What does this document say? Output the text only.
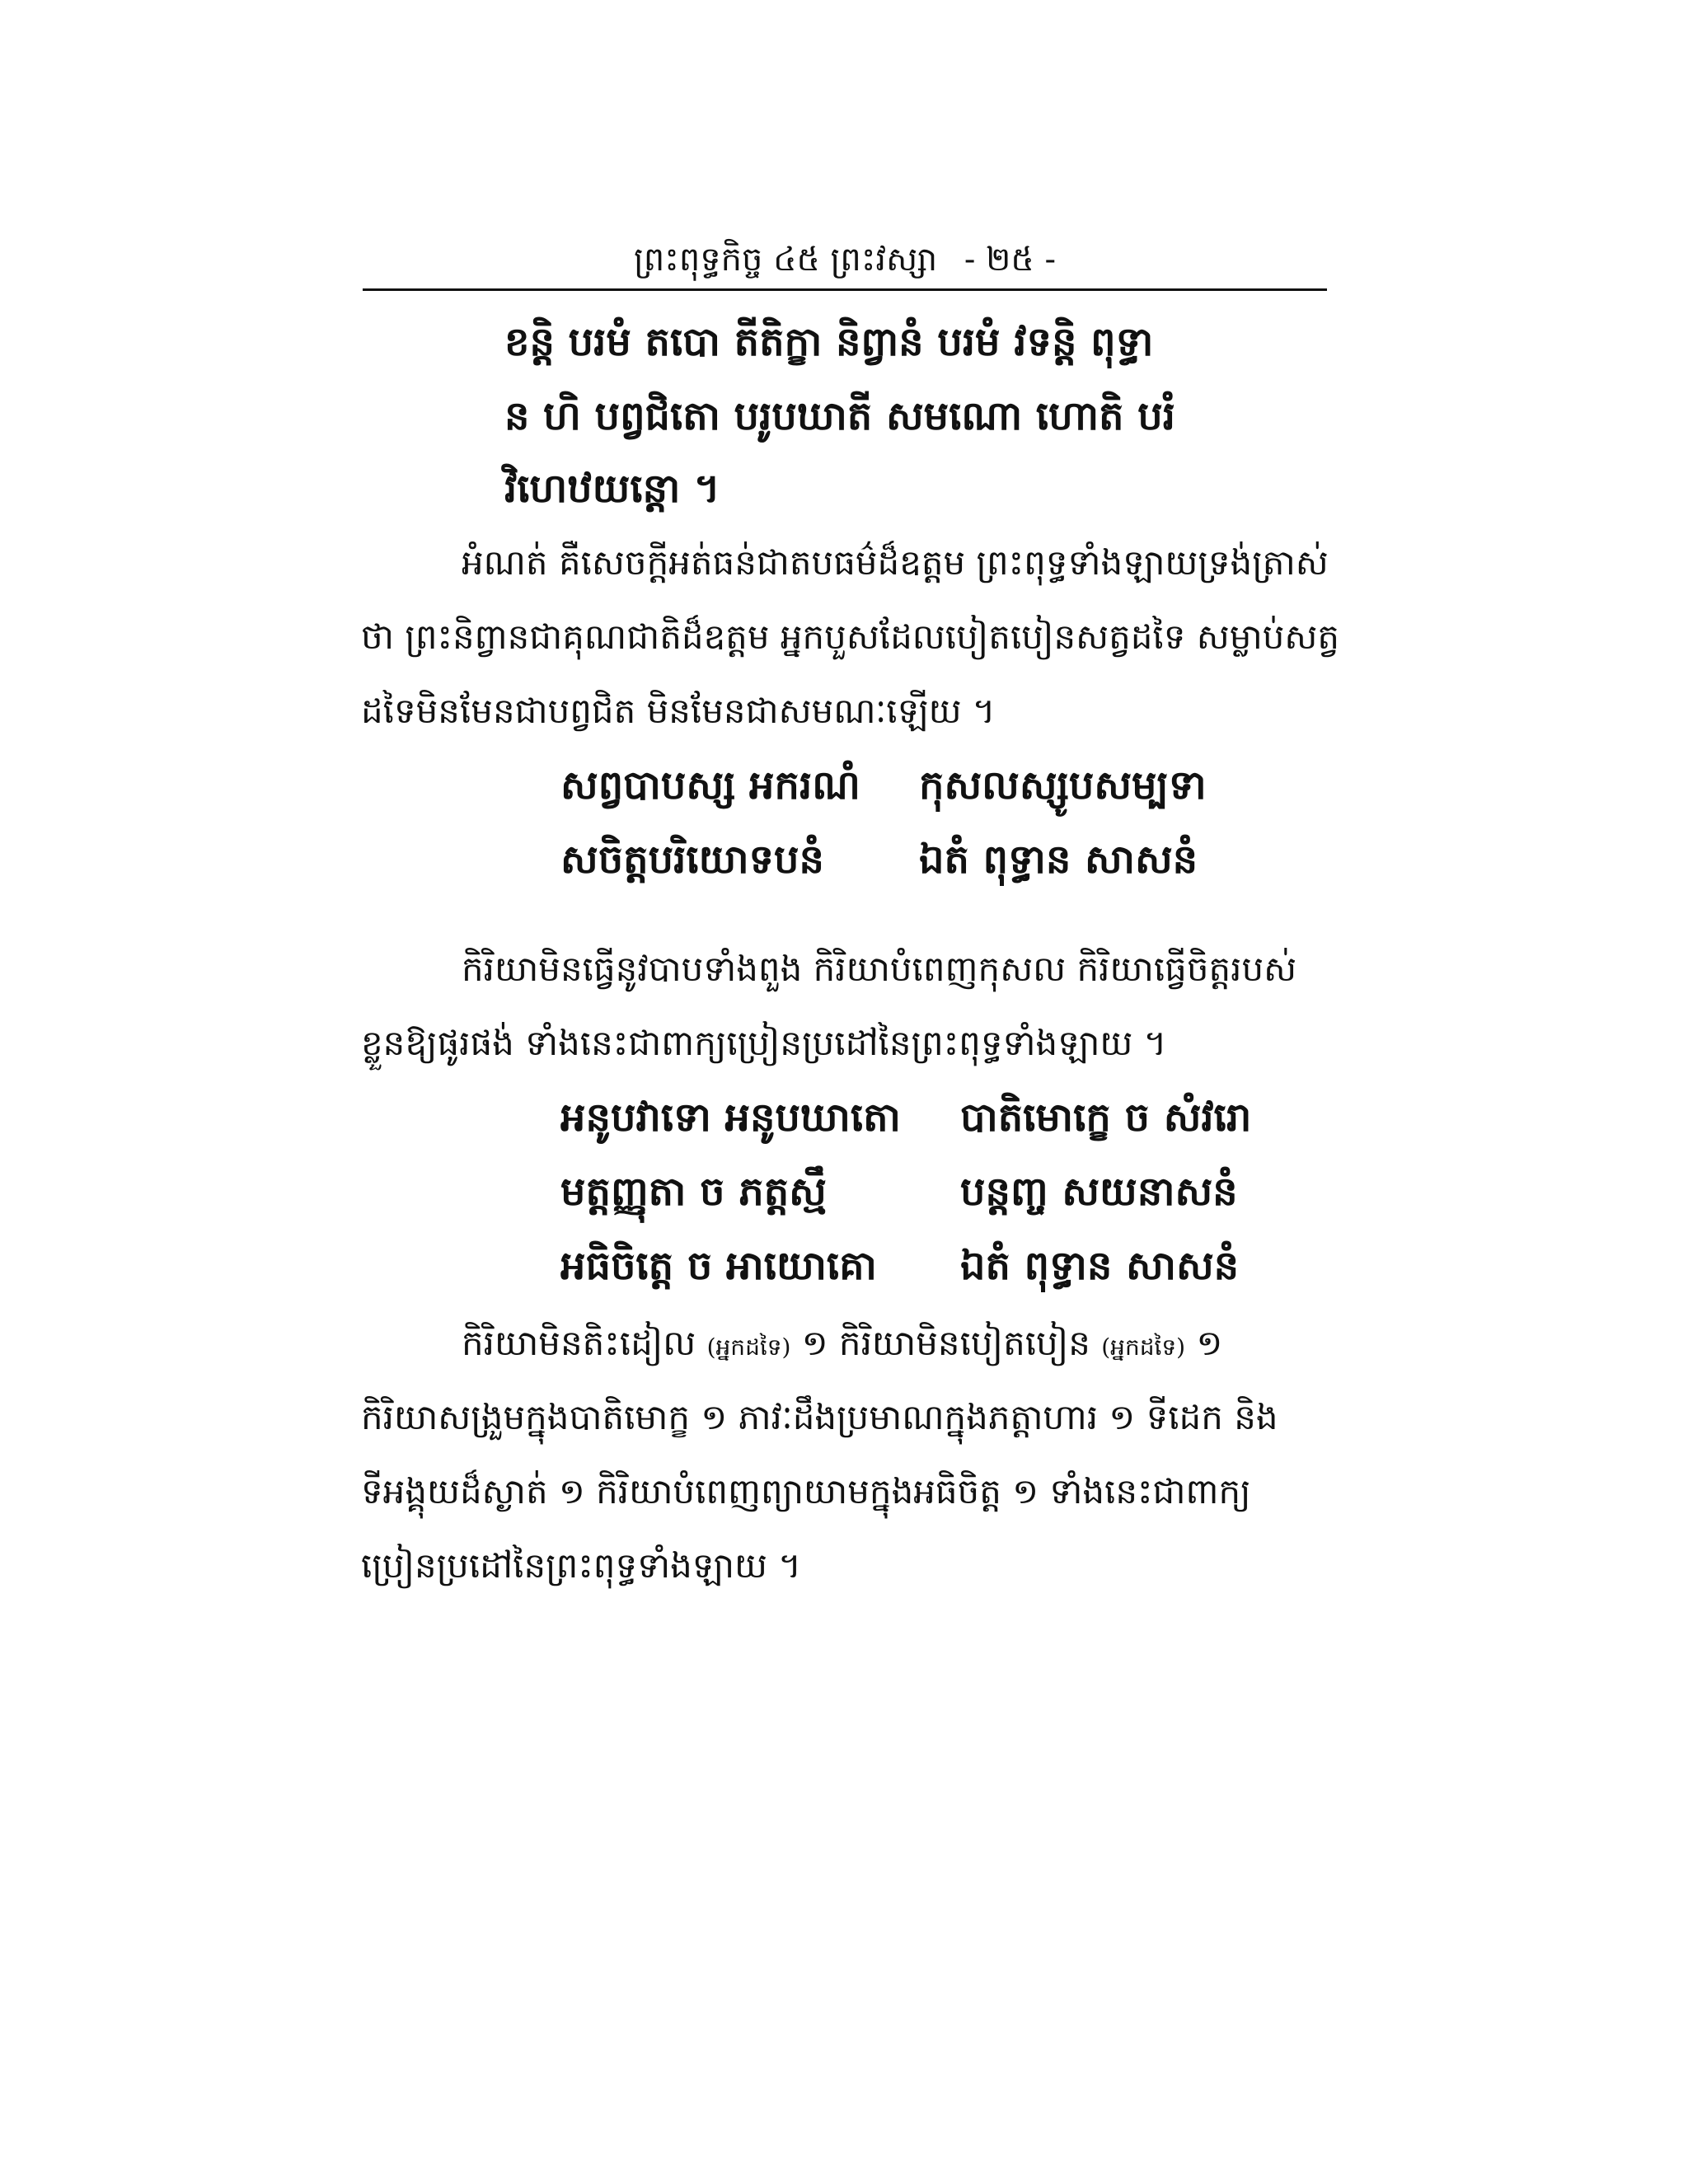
ព្រះពុទ្ធកិច្ច ៤៥ ព្រះវស្សា - ២៥ -
ខន្តិ បរមំ តបោ តីតិក្ខា និព្វានំ បរមំ វទន្តិ ពុទ្ធា
ន ហិ បព្វជិតោ បរូបឃាតី សមណោ ហោតិ បរំ
វិហេឋយន្តោ ។
អំណត់ គឺសេចក្តីអត់ធន់ជាតបធម៌ដ៏ឧត្តម ព្រះពុទ្ធទាំងឡាយទ្រង់ត្រាស់
ថា ព្រះនិព្វានជាគុណជាតិដ៏ឧត្តម អ្នកបួសដែលបៀតបៀនសត្វដទៃ សម្លាប់សត្វ
ដទៃមិនមែនជាបព្វជិត មិនមែនជាសមណៈឡើយ ។
សព្វបាបស្ស អករណំ កុសលស្សូបសម្បទា
សចិត្តបរិយោទបនំ ឯតំ ពុទ្ធាន សាសនំ
កិរិយាមិនធ្វើនូវបាបទាំងពួង កិរិយាបំពេញកុសល កិរិយាធ្វើចិត្តរបស់
ខ្លួនឱ្យផូរផង់ ទាំងនេះជាពាក្យប្រៀនប្រដៅនៃព្រះពុទ្ធទាំងឡាយ ។
អនូបវាទោ អនូបឃាតោ បាតិមោក្ខេ ច សំវរោ
មត្តញ្ញុតា ច ភត្តស្មឹ	បន្តញ្ច សយនាសនំ
អធិចិត្តេ ច អាយោគោ ឯតំ ពុទ្ធាន សាសនំ
កិរិយាមិនតិះដៀល (អ្នកដទៃ) ១ កិរិយាមិនបៀតបៀន (អ្នកដទៃ) ១
កិរិយាសង្រួមក្នុងបាតិមោក្ខ ១ ភាវៈដឹងប្រមាណក្នុងភត្តាហារ ១ ទីដេក និង
ទីអង្គុយដ៏ស្ងាត់ ១ កិរិយាបំពេញព្យាយាមក្នុងអធិចិត្ត ១ ទាំងនេះជាពាក្យ
ប្រៀនប្រដៅនៃព្រះពុទ្ធទាំងឡាយ ។
